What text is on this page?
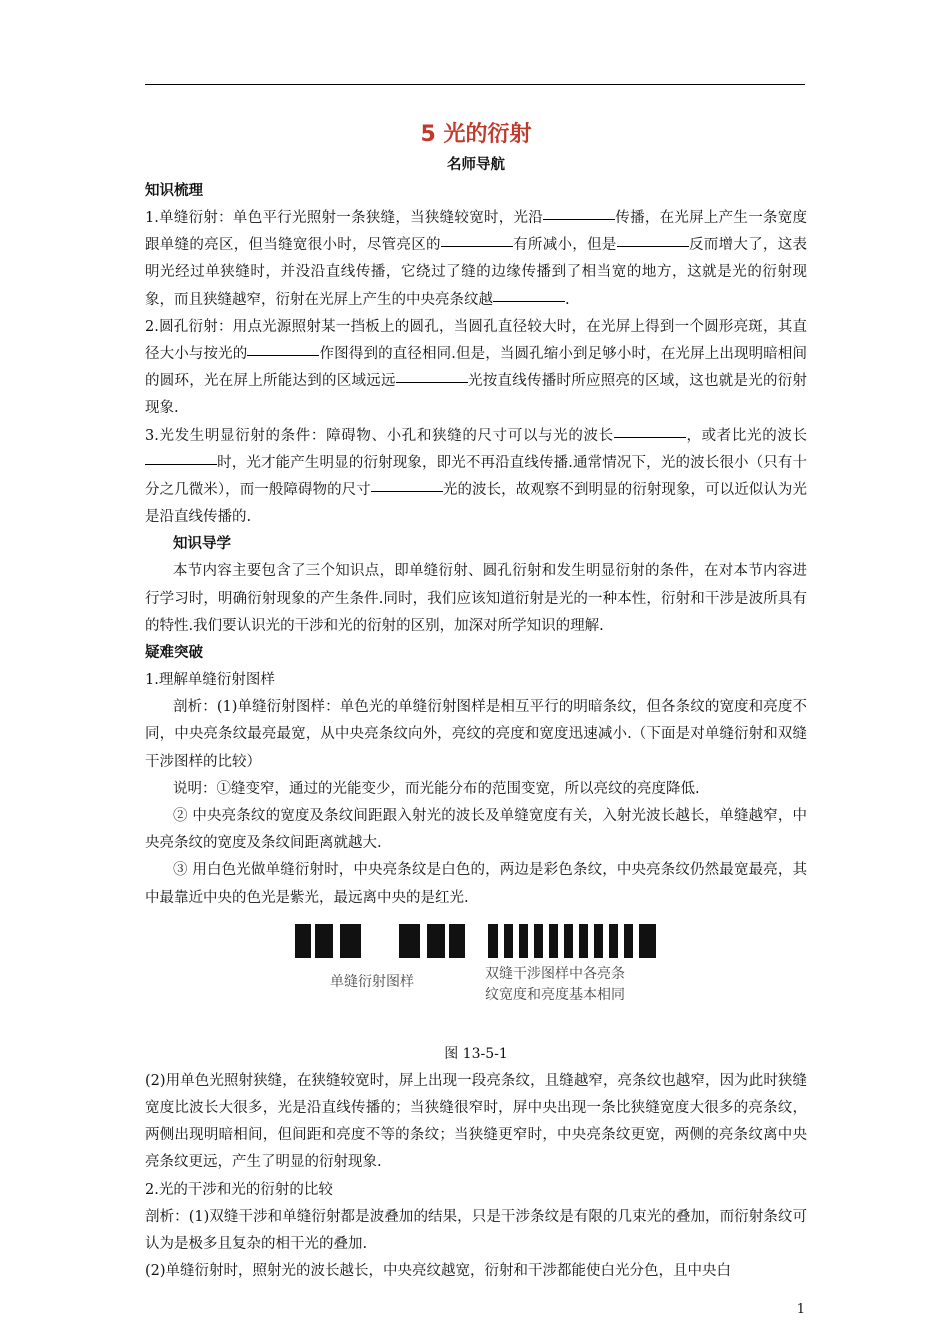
5 光的衍射
名师导航
知识梳理

1.单缝衍射：单色平行光照射一条狭缝，当狭缝较宽时，光沿	传播，在光屏上产生一条宽度跟单缝的亮区，但当缝宽很小时，尽管亮区的	有所减小，但是	反而增大了，这表明光经过单狭缝时，并没沿直线传播，它绕过了缝的边缘传播到了相当宽的地方，这就是光的衍射现象，而且狭缝越窄，衍射在光屏上产生的中央亮条纹越	.

2.圆孔衍射：用点光源照射某一挡板上的圆孔，当圆孔直径较大时，在光屏上得到一个圆形亮斑，其直径大小与按光的	作图得到的直径相同.但是，当圆孔缩小到足够小时，在光屏上出现明暗相间的圆环，光在屏上所能达到的区域远远	光按直线传播时所应照亮的区域，这也就是光的衍射现象.

3.光发生明显衍射的条件：障碍物、小孔和狭缝的尺寸可以与光的波长	，或者比光的波长时，光才能产生明显的衍射现象，即光不再沿直线传播.通常情况下，光的波长很小（只有十分之几微米），而一般障碍物的尺寸	光的波长，故观察不到明显的衍射现象，可以近似认为光是沿直线传播的.

知识导学

本节内容主要包含了三个知识点，即单缝衍射、圆孔衍射和发生明显衍射的条件，在对本节内容进行学习时，明确衍射现象的产生条件.同时，我们应该知道衍射是光的一种本性，衍射和干涉是波所具有的特性.我们要认识光的干涉和光的衍射的区别，加深对所学知识的理解.

疑难突破

1.理解单缝衍射图样

剖析：(1)单缝衍射图样：单色光的单缝衍射图样是相互平行的明暗条纹，但各条纹的宽度和亮度不同，中央亮条纹最亮最宽，从中央亮条纹向外，亮纹的亮度和宽度迅速减小.（下面是对单缝衍射和双缝干涉图样的比较）

说明：①缝变窄，通过的光能变少，而光能分布的范围变宽，所以亮纹的亮度降低.

② 中央亮条纹的宽度及条纹间距跟入射光的波长及单缝宽度有关，入射光波长越长，单缝越窄，中央亮条纹的宽度及条纹间距离就越大.

③ 用白色光做单缝衍射时，中央亮条纹是白色的，两边是彩色条纹，中央亮条纹仍然最宽最亮，其中最靠近中央的色光是紫光，最远离中央的是红光.

单缝衍射图样	双缝干涉图样中各亮条
纹宽度和亮度基本相同
图 13-5-1

(2)用单色光照射狭缝，在狭缝较宽时，屏上出现一段亮条纹，且缝越窄，亮条纹也越窄，因为此时狭缝宽度比波长大很多，光是沿直线传播的；当狭缝很窄时，屏中央出现一条比狭缝宽度大很多的亮条纹，两侧出现明暗相间，但间距和亮度不等的条纹；当狭缝更窄时，中央亮条纹更宽，两侧的亮条纹离中央亮条纹更远，产生了明显的衍射现象.

2.光的干涉和光的衍射的比较

剖析：(1)双缝干涉和单缝衍射都是波叠加的结果，只是干涉条纹是有限的几束光的叠加，而衍射条纹可认为是极多且复杂的相干光的叠加.

(2)单缝衍射时，照射光的波长越长，中央亮纹越宽，衍射和干涉都能使白光分色，且中央白

1
